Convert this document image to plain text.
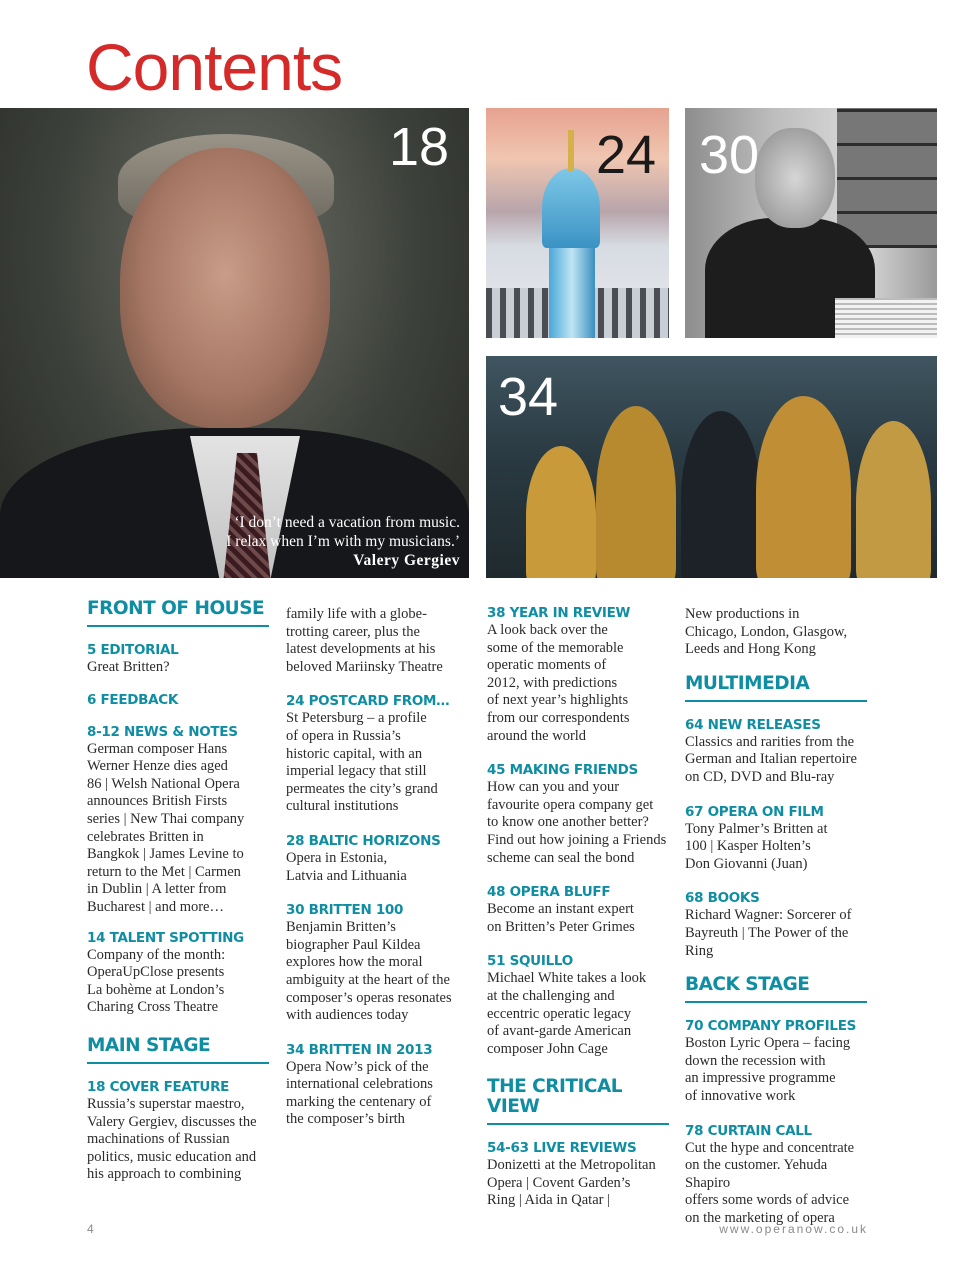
Contents
18
‘I don’t need a vacation from music.
I relax when I’m with my musicians.’
Valery Gergiev
24 30
34
FRONT OF HOUSE

5 EDITORIAL

Great Britten?

6 FEEDBACK

8-12 NEWS & NOTES

German composer Hans
Werner Henze dies aged
86 | Welsh National Opera
announces British Firsts
series | New Thai company
celebrates Britten in
Bangkok | James Levine to
return to the Met | Carmen
in Dublin | A letter from
Bucharest | and more…

14 TALENT SPOTTING

Company of the month:
OperaUpClose presents
La bohème at London’s
Charing Cross Theatre

MAIN STAGE

18 COVER FEATURE

Russia’s superstar maestro,
Valery Gergiev, discusses the
machinations of Russian
politics, music education and
his approach to combining

family life with a globe-
trotting career, plus the
latest developments at his
beloved Mariinsky Theatre

24 POSTCARD FROM…

St Petersburg – a profile
of opera in Russia’s
historic capital, with an
imperial legacy that still
permeates the city’s grand
cultural institutions

28 BALTIC HORIZONS

Opera in Estonia,
Latvia and Lithuania

30 BRITTEN 100

Benjamin Britten’s
biographer Paul Kildea
explores how the moral
ambiguity at the heart of the
composer’s operas resonates
with audiences today

34 BRITTEN IN 2013

Opera Now’s pick of the
international celebrations
marking the centenary of
the composer’s birth

38 YEAR IN REVIEW

A look back over the
some of the memorable
operatic moments of
2012, with predictions
of next year’s highlights
from our correspondents
around the world

45 MAKING FRIENDS

How can you and your
favourite opera company get
to know one another better?
Find out how joining a Friends
scheme can seal the bond

48 OPERA BLUFF

Become an instant expert
on Britten’s Peter Grimes

51 SQUILLO

Michael White takes a look
at the challenging and
eccentric operatic legacy
of avant-garde American
composer John Cage

THE CRITICAL VIEW

54-63 LIVE REVIEWS

Donizetti at the Metropolitan
Opera | Covent Garden’s
Ring | Aida in Qatar |

New productions in
Chicago, London, Glasgow,
Leeds and Hong Kong

MULTIMEDIA

64 NEW RELEASES

Classics and rarities from the
German and Italian repertoire
on CD, DVD and Blu-ray

67 OPERA ON FILM

Tony Palmer’s Britten at
100 | Kasper Holten’s
Don Giovanni (Juan)

68 BOOKS

Richard Wagner: Sorcerer of
Bayreuth | The Power of the Ring

BACK STAGE

70 COMPANY PROFILES

Boston Lyric Opera – facing
down the recession with
an impressive programme
of innovative work

78 CURTAIN CALL

Cut the hype and concentrate
on the customer. Yehuda Shapiro
offers some words of advice
on the marketing of opera

4	www.operanow.co.uk
